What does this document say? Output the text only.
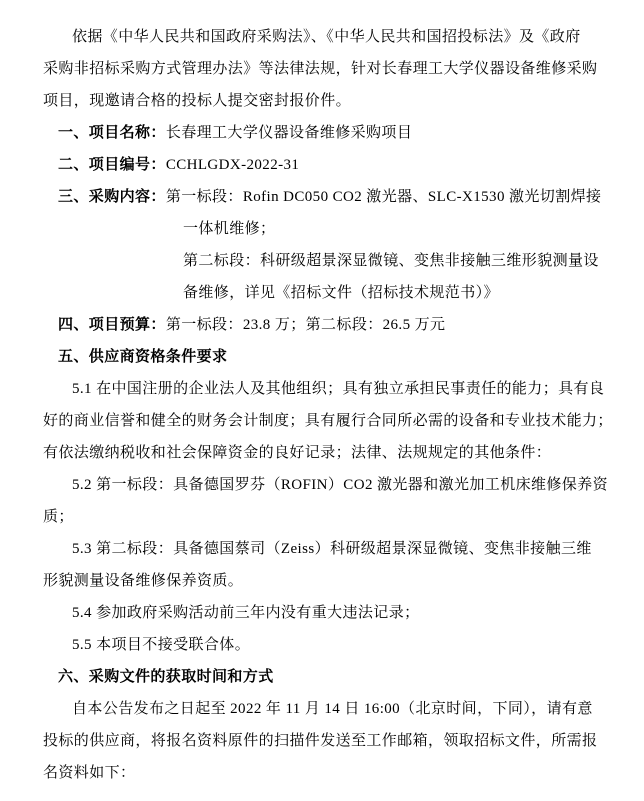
依据《中华人民共和国政府采购法》、《中华人民共和国招投标法》及《政府
采购非招标采购方式管理办法》等法律法规，针对长春理工大学仪器设备维修采购
项目，现邀请合格的投标人提交密封报价件。
一、项目名称：长春理工大学仪器设备维修采购项目
二、项目编号：CCHLGDX-2022-31
三、采购内容：第一标段：Rofin DC050 CO2 激光器、SLC-X1530 激光切割焊接
一体机维修；
第二标段：科研级超景深显微镜、变焦非接触三维形貌测量设
备维修，详见《招标文件（招标技术规范书）》
四、项目预算：第一标段：23.8 万；第二标段：26.5 万元
五、供应商资格条件要求
5.1 在中国注册的企业法人及其他组织；具有独立承担民事责任的能力；具有良
好的商业信誉和健全的财务会计制度；具有履行合同所必需的设备和专业技术能力；
有依法缴纳税收和社会保障资金的良好记录；法律、法规规定的其他条件：
5.2 第一标段：具备德国罗芬（ROFIN）CO2 激光器和激光加工机床维修保养资
质；
5.3 第二标段：具备德国蔡司（Zeiss）科研级超景深显微镜、变焦非接触三维
形貌测量设备维修保养资质。
5.4 参加政府采购活动前三年内没有重大违法记录；
5.5 本项目不接受联合体。
六、采购文件的获取时间和方式
自本公告发布之日起至 2022 年 11 月 14 日 16:00（北京时间，下同），请有意
投标的供应商，将报名资料原件的扫描件发送至工作邮箱，领取招标文件，所需报
名资料如下：
